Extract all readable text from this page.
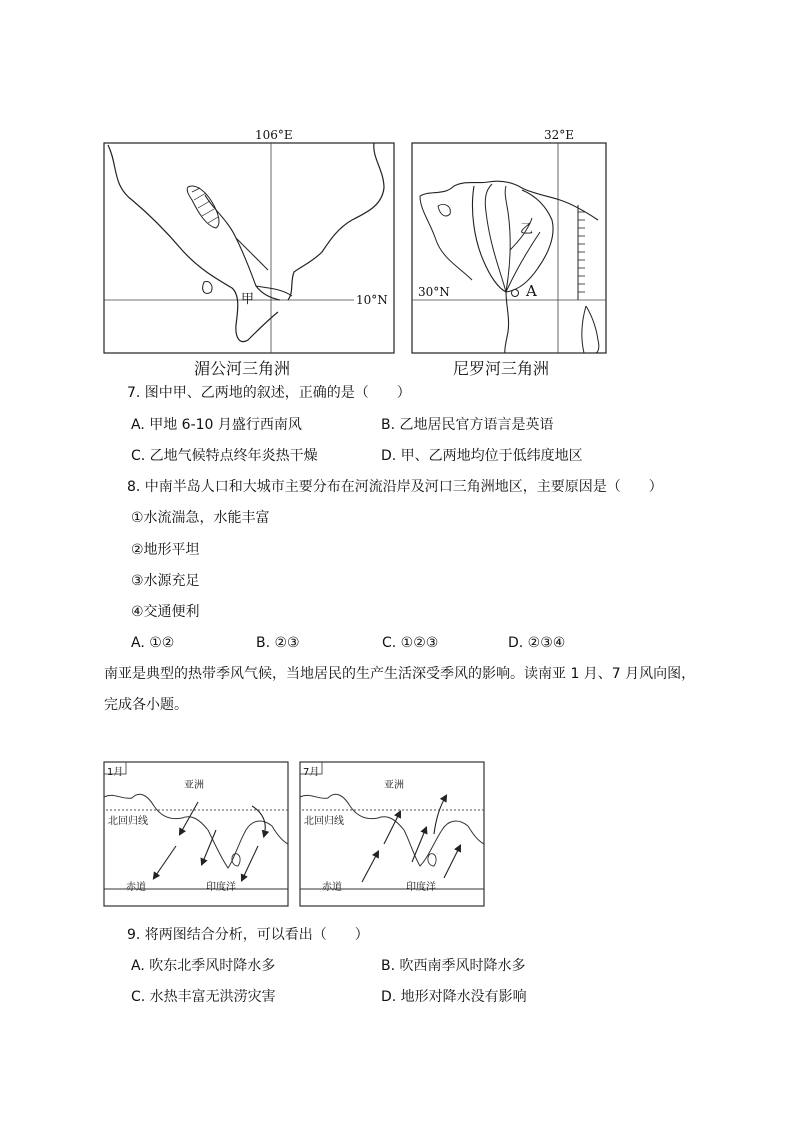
106°E
甲	10°N
湄公河三角洲
32°E
乙
A
30°N
尼罗河三角洲
7. 图中甲、乙两地的叙述，正确的是（　　）
A. 甲地 6-10 月盛行西南风	B. 乙地居民官方语言是英语
C. 乙地气候特点终年炎热干燥	D. 甲、乙两地均位于低纬度地区
8. 中南半岛人口和大城市主要分布在河流沿岸及河口三角洲地区，主要原因是（　　）
①水流湍急，水能丰富
②地形平坦
③水源充足
④交通便利
A. ①②	B. ②③	C. ①②③	D. ②③④
南亚是典型的热带季风气候，当地居民的生产生活深受季风的影响。读南亚 1 月、7 月风向图，
完成各小题。
1月
亚洲
北回归线
赤道	印度洋
7月
亚洲
北回归线
赤道	印度洋
9. 将两图结合分析，可以看出（　　）
A. 吹东北季风时降水多	B. 吹西南季风时降水多
C. 水热丰富无洪涝灾害	D. 地形对降水没有影响
